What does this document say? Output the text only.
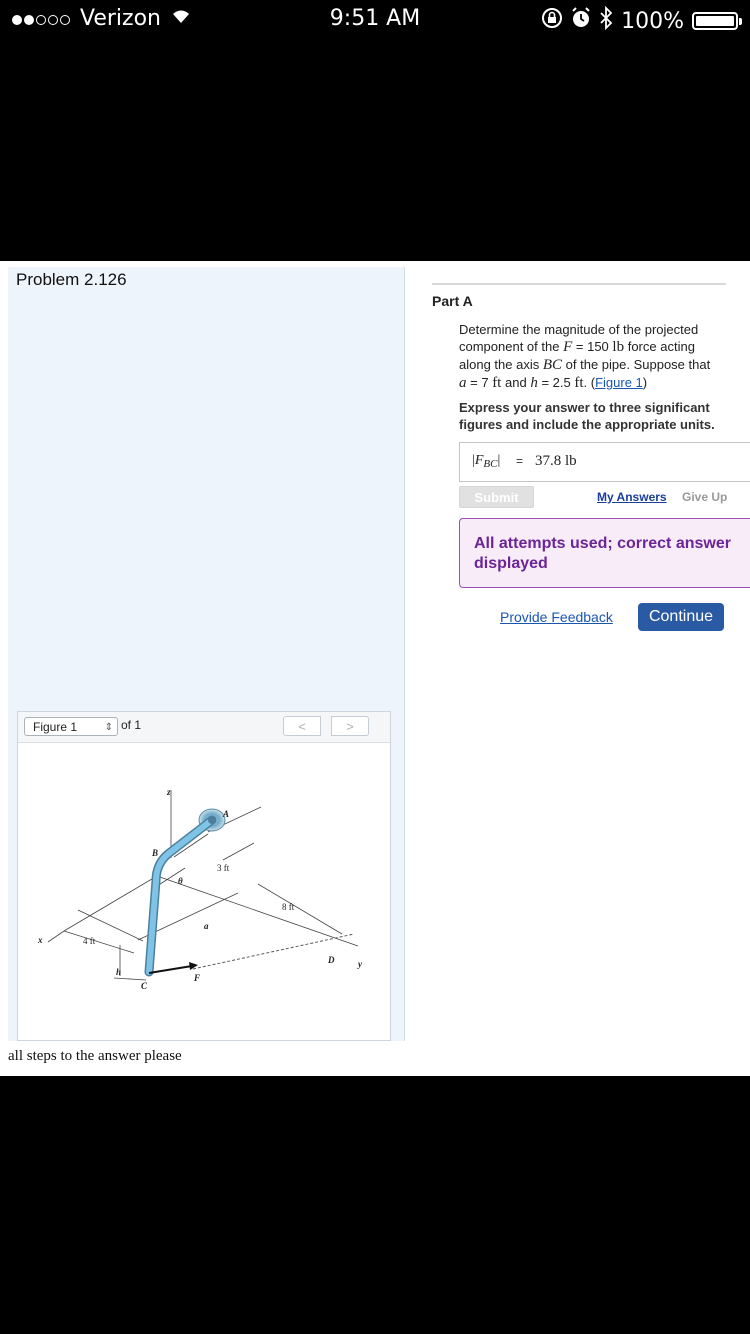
Verizon	9:51 AM	100%
Problem 2.126
Figure 1	⇕ of 1	<	>
z
A
B
θ
3 ft
8 ft
x	4 ft
a
h
C
F
D	y
all steps to the answer please
Part A
Determine the magnitude of the projected component of the F = 150 lb force acting along the axis BC of the pipe. Suppose that a = 7 ft and h = 2.5 ft. (Figure 1)
Express your answer to three significant figures and include the appropriate units.
$|F_{BC}| = 37.8$ lb
Submit	My Answers Give Up
All attempts used; correct answer displayed
Provide Feedback	Continue
